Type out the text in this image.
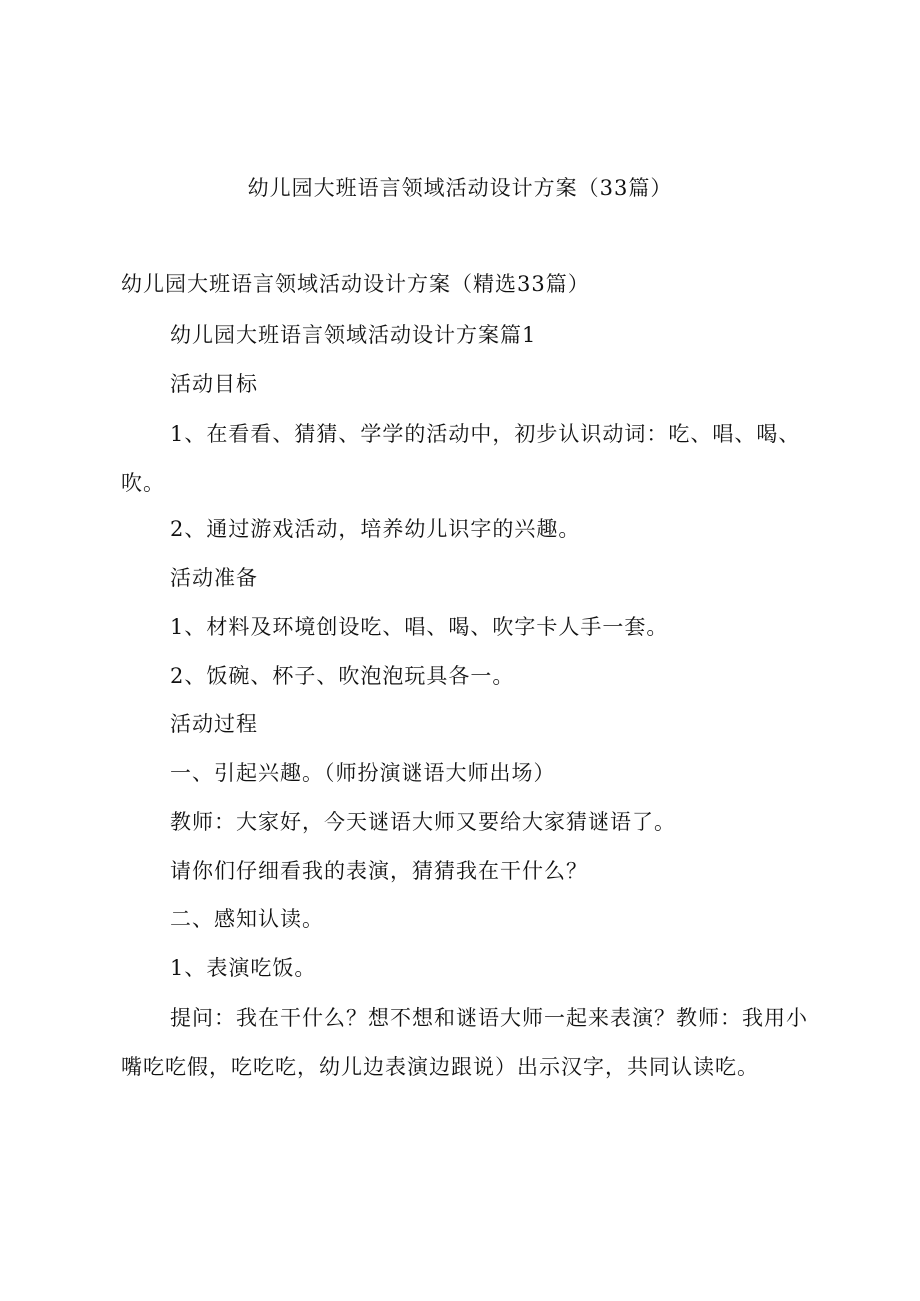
幼儿园大班语言领域活动设计方案（33篇）
幼儿园大班语言领域活动设计方案（精选33篇）
幼儿园大班语言领域活动设计方案篇1
活动目标
1、在看看、猜猜、学学的活动中，初步认识动词：吃、唱、喝、吹。
2、通过游戏活动，培养幼儿识字的兴趣。
活动准备
1、材料及环境创设吃、唱、喝、吹字卡人手一套。
2、饭碗、杯子、吹泡泡玩具各一。
活动过程
一、引起兴趣。（师扮演谜语大师出场）
教师：大家好，今天谜语大师又要给大家猜谜语了。
请你们仔细看我的表演，猜猜我在干什么？
二、感知认读。
1、表演吃饭。
提问：我在干什么？想不想和谜语大师一起来表演？教师：我用小嘴吃吃假，吃吃吃，幼儿边表演边跟说）出示汉字，共同认读吃。
